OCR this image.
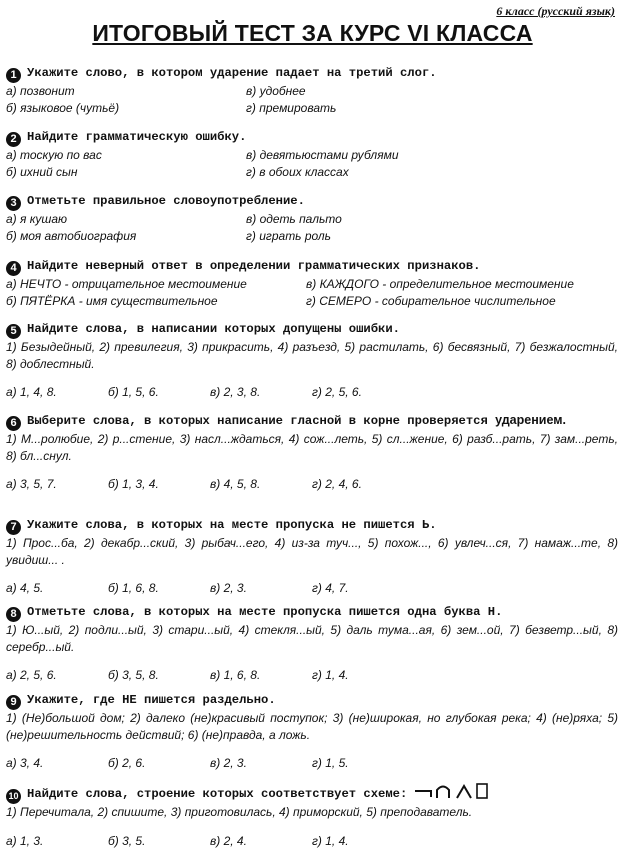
6 класс (русский язык)
ИТОГОВЫЙ ТЕСТ ЗА КУРС VI КЛАССА
1 Укажите слово, в котором ударение падает на третий слог.
а) позвонит	в) удобнее
б) языковое (чутьё)	г) премировать
2 Найдите грамматическую ошибку.
а) тоскую по вас	в) девятьюстами рублями
б) ихний сын	г) в обоих классах
3 Отметьте правильное словоупотребление.
а) я кушаю	в) одеть пальто
б) моя автобиография	г) играть роль
4 Найдите неверный ответ в определении грамматических признаков.
а) НЕЧТО - отрицательное местоимение	в) КАЖДОГО - определительное местоимение
б) ПЯТЁРКА - имя существительное	г) СЕМЕРО - собирательное числительное
5 Найдите слова, в написании которых допущены ошибки.
1) Безыдейный, 2) превилегия, 3) прикрасить, 4) разъезд, 5) растилать, 6) бесвязный, 7) безжалостный, 8) доблестный.
а) 1, 4, 8.	б) 1, 5, 6.	в) 2, 3, 8.	г) 2, 5, 6.
6 Выберите слова, в которых написание гласной в корне проверяется ударением.
1) М...ролюбие, 2) р...стение, 3) насл...ждаться, 4) сож...леть, 5) сл...жение, 6) разб...рать, 7) зам...реть, 8) бл...снул.
а) 3, 5, 7.	б) 1, 3, 4.	в) 4, 5, 8.	г) 2, 4, 6.
7 Укажите слова, в которых на месте пропуска не пишется Ь.
1) Прос...ба, 2) декабр...ский, 3) рыбач...его, 4) из-за туч..., 5) похож..., 6) увлеч...ся, 7) намаж...те, 8) увидиш... .
а) 4, 5.	б) 1, 6, 8.	в) 2, 3.	г) 4, 7.
8 Отметьте слова, в которых на месте пропуска пишется одна буква Н.
1) Ю...ый, 2) подли...ый, 3) стари...ый, 4) стекля...ый, 5) даль тума...ая, 6) зем...ой, 7) безветр...ый, 8) серебр...ый.
а) 2, 5, 6.	б) 3, 5, 8.	в) 1, 6, 8.	г) 1, 4.
9 Укажите, где НЕ пишется раздельно.
1) (Не)большой дом; 2) далеко (не)красивый поступок; 3) (не)широкая, но глубокая река; 4) (не)ряха; 5) (не)решительность действий; 6) (не)правда, а ложь.
а) 3, 4.	б) 2, 6.	в) 2, 3.	г) 1, 5.
10 Найдите слова, строение которых соответствует схеме:
1) Перечитала, 2) спишите, 3) приготовилась, 4) приморский, 5) преподаватель.
а) 1, 3.	б) 3, 5.	в) 2, 4.	г) 1, 4.
